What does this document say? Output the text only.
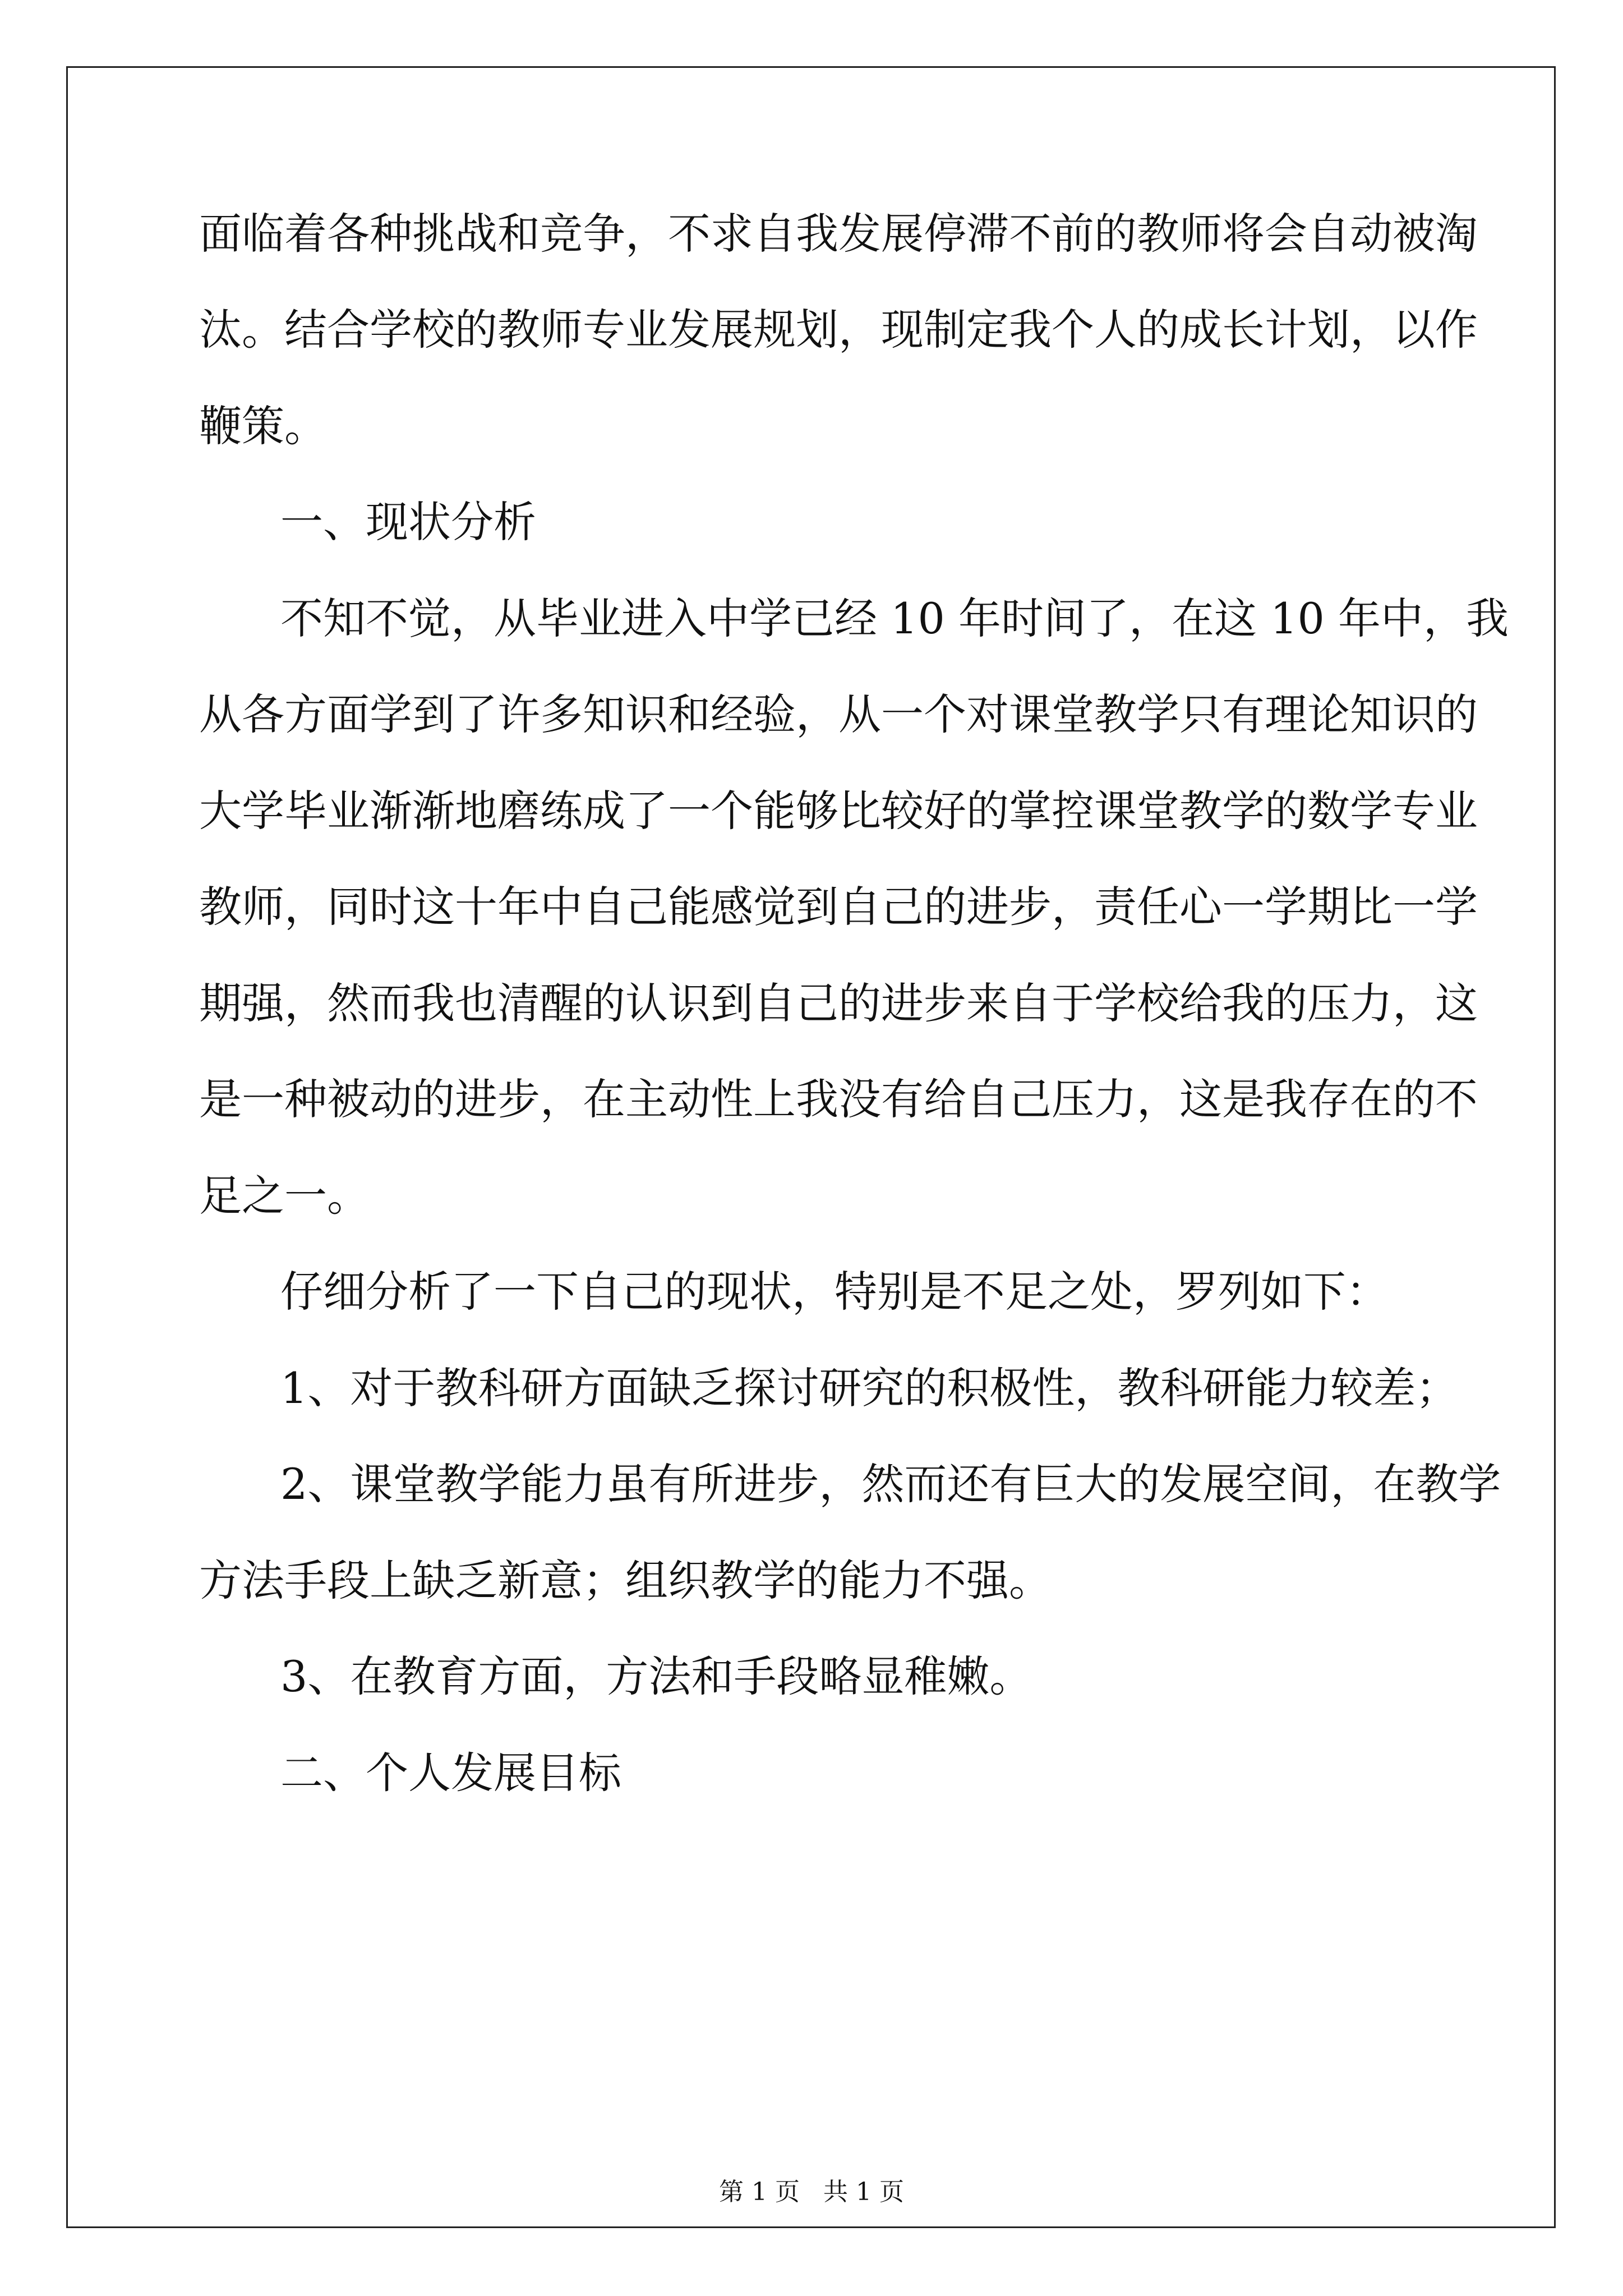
面临着各种挑战和竞争，不求自我发展停滞不前的教师将会自动被淘
汰。结合学校的教师专业发展规划，现制定我个人的成长计划，以作
鞭策。
一、现状分析
不知不觉，从毕业进入中学已经 10 年时间了，在这 10 年中，我
从各方面学到了许多知识和经验，从一个对课堂教学只有理论知识的
大学毕业渐渐地磨练成了一个能够比较好的掌控课堂教学的数学专业
教师，同时这十年中自己能感觉到自己的进步，责任心一学期比一学
期强，然而我也清醒的认识到自己的进步来自于学校给我的压力，这
是一种被动的进步，在主动性上我没有给自己压力，这是我存在的不
足之一。
仔细分析了一下自己的现状，特别是不足之处，罗列如下：
1、对于教科研方面缺乏探讨研究的积极性，教科研能力较差；
2、课堂教学能力虽有所进步，然而还有巨大的发展空间，在教学
方法手段上缺乏新意；组织教学的能力不强。
3、在教育方面，方法和手段略显稚嫩。
二、个人发展目标
第 1 页 共 1 页
